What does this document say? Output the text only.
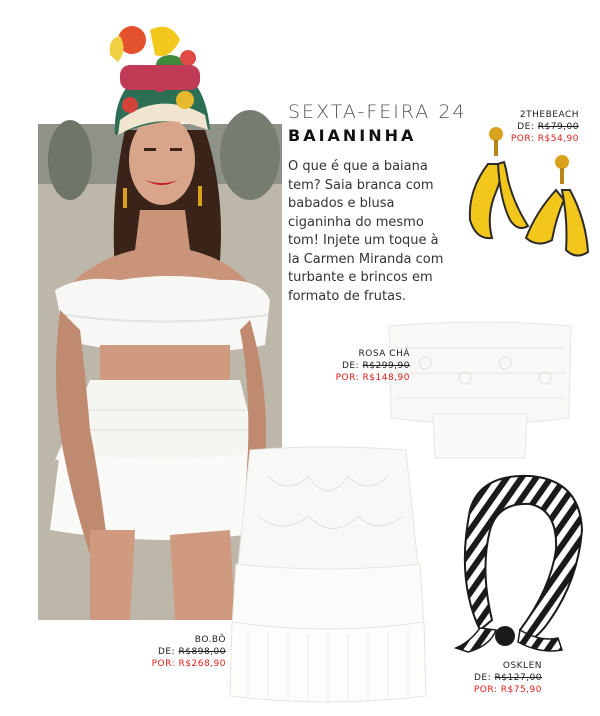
SEXTA-FEIRA 24
BAIANINHA
O que é que a baiana tem? Saia branca com babados e blusa ciganinha do mesmo tom! Injete um toque à la Carmen Miranda com turbante e brincos em formato de frutas.
2THEBEACH
DE: R$79,00
POR: R$54,90
ROSA CHÁ
DE: R$299,90
POR: R$148,90
BO.BÔ
DE: R$898,00
POR: R$268,90	OSKLEN
DE: R$127,00
POR: R$75,90
